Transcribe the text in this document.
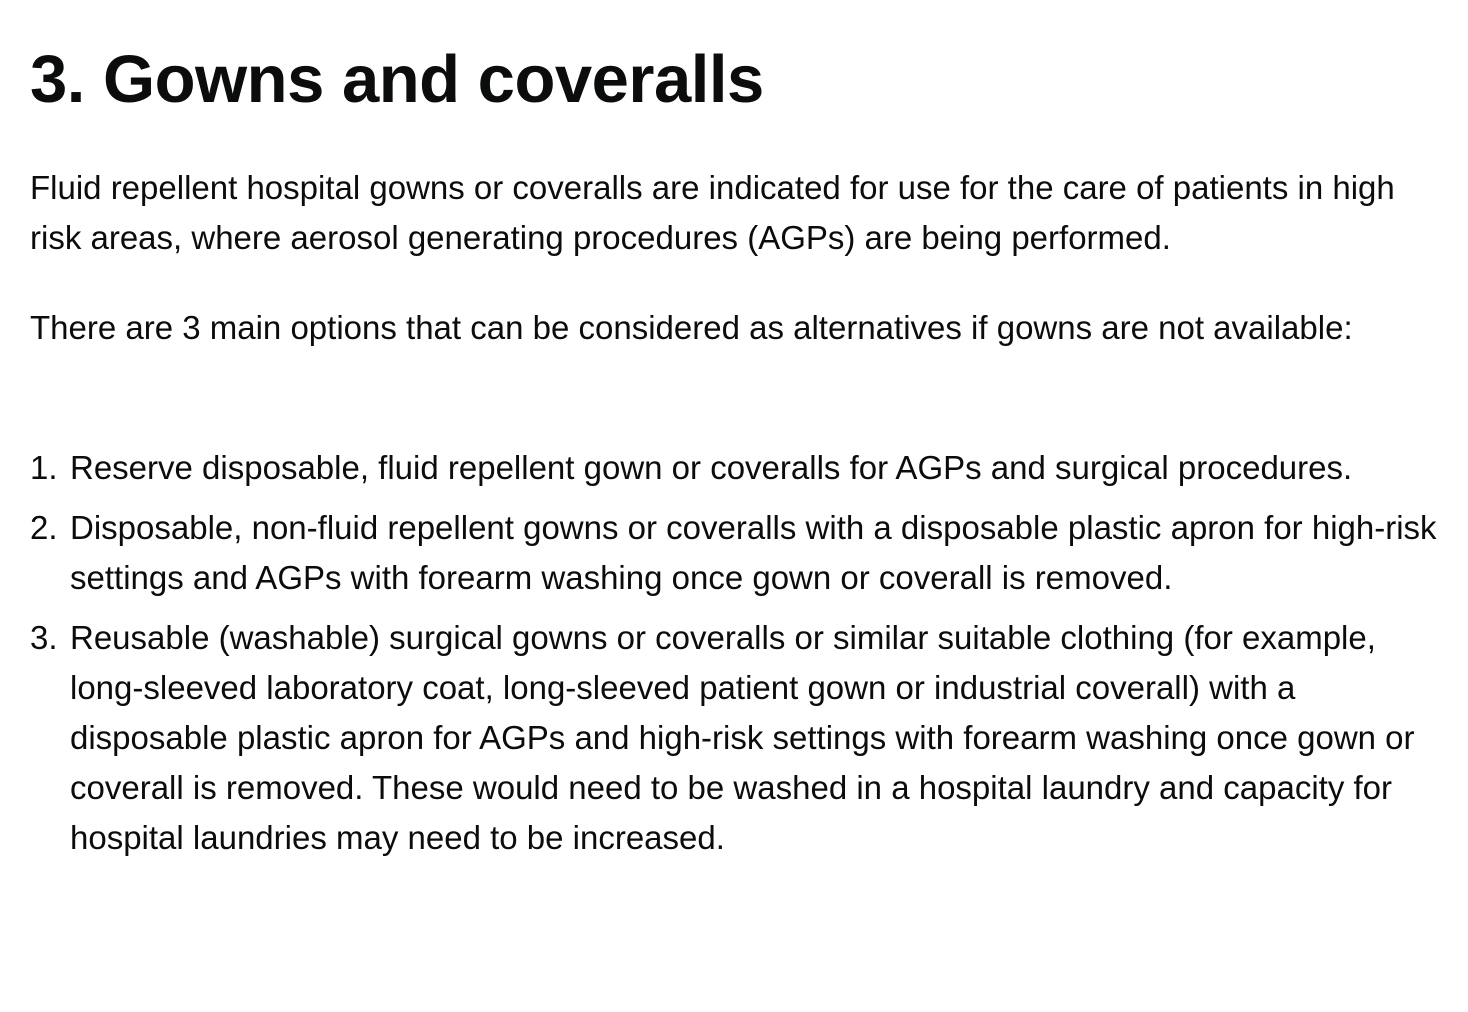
3. Gowns and coveralls

Fluid repellent hospital gowns or coveralls are indicated for use for the care of patients in high risk areas, where aerosol generating procedures (AGPs) are being performed.

There are 3 main options that can be considered as alternatives if gowns are not available:

1. Reserve disposable, fluid repellent gown or coveralls for AGPs and surgical procedures.
2. Disposable, non-fluid repellent gowns or coveralls with a disposable plastic apron for high-risk settings and AGPs with forearm washing once gown or coverall is removed.
3. Reusable (washable) surgical gowns or coveralls or similar suitable clothing (for example, long-sleeved laboratory coat, long-sleeved patient gown or industrial coverall) with a disposable plastic apron for AGPs and high-risk settings with forearm washing once gown or coverall is removed. These would need to be washed in a hospital laundry and capacity for hospital laundries may need to be increased.
